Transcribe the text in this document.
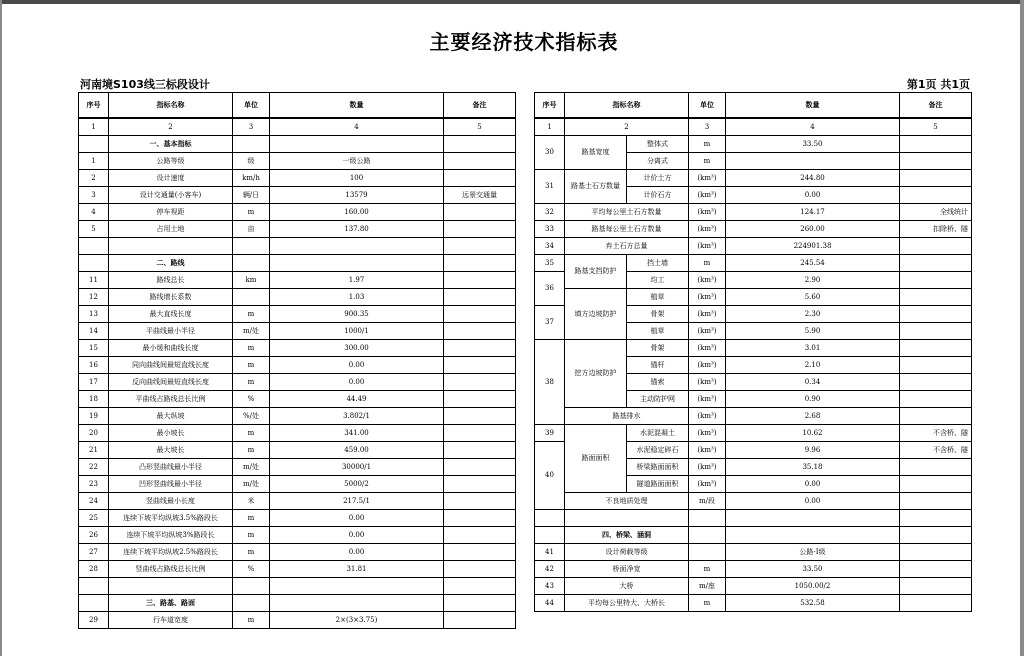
主要经济技术指标表
河南境S103线三标段设计	第1页 共1页
序号	指标名称	单位	数量	备注
1	2	3	4	5
	一、基本指标			
1	公路等级	级	一级公路	
2	设计速度	km/h	100	
3	设计交通量(小客车)	辆/日	13579	远景交通量
4	停车视距	m	160.00	
5	占用土地	亩	137.80	

	二、路线			
11	路线总长	km	1.97	
12	路线增长系数		1.03	
13	最大直线长度	m	900.35	
14	平曲线最小半径	m/处	1000/1	
15	最小缓和曲线长度	m	300.00	
16	同向曲线间最短直线长度	m	0.00	
17	反向曲线间最短直线长度	m	0.00	
18	平曲线占路线总长比例	%	44.49	
19	最大纵坡	%/处	3.802/1	
20	最小坡长	m	341.00	
21	最大坡长	m	459.00	
22	凸形竖曲线最小半径	m/处	30000/1	
23	凹形竖曲线最小半径	m/处	5000/2	
24	竖曲线最小长度	米	217.5/1	
25	连续下坡平均纵坡3.5%路段长	m	0.00	
26	连续下坡平均纵坡3%路段长	m	0.00	
27	连续下坡平均纵坡2.5%路段长	m	0.00	
28	竖曲线占路线总长比例	%	31.81	

	三、路基、路面			
29	行车道宽度	m	2×(3×3.75)	
序号	指标名称		单位	数量	备注
1	2		3	4	5
30	路基宽度	整体式	m	33.50	
		分离式	m		
31	路基土石方数量	计价土方	(km³)	244.80	
		计价石方	(km³)	0.00	
32	平均每公里土石方数量		(km³)	124.17	全线统计
33	路基每公里土石方数量		(km³)	260.00	扣除桥、隧
34	弃土石方总量		(km³)	224901.38	
35	路基支挡防护	挡土墙	m	245.54	
36		均工	(km³)	2.90	
	填方边坡防护	植草	(km³)	5.60	
37		骨架	(km³)	2.30	
		植草	(km³)	5.90	
38	挖方边坡防护	骨架	(km³)	3.01	
		锚杆	(km³)	2.10	
		锚索	(km³)	0.34	
		主动防护网	(km³)	0.90	
	路基排水		(km³)	2.68	
39	路面面积	水泥混凝土	(km³)	10.62	不含桥、隧
40		水泥稳定碎石	(km³)	9.96	不含桥、隧
		桥梁路面面积	(km³)	35.18	
		隧道路面面积	(km³)	0.00	
	不良地质处理		m/段	0.00	

	四、桥梁、涵洞				
41	设计荷载等级			公路-Ⅰ级	
42	桥面净宽		m	33.50	
43	大桥		m/座	1050.00/2	
44	平均每公里特大、大桥长		m	532.58	
